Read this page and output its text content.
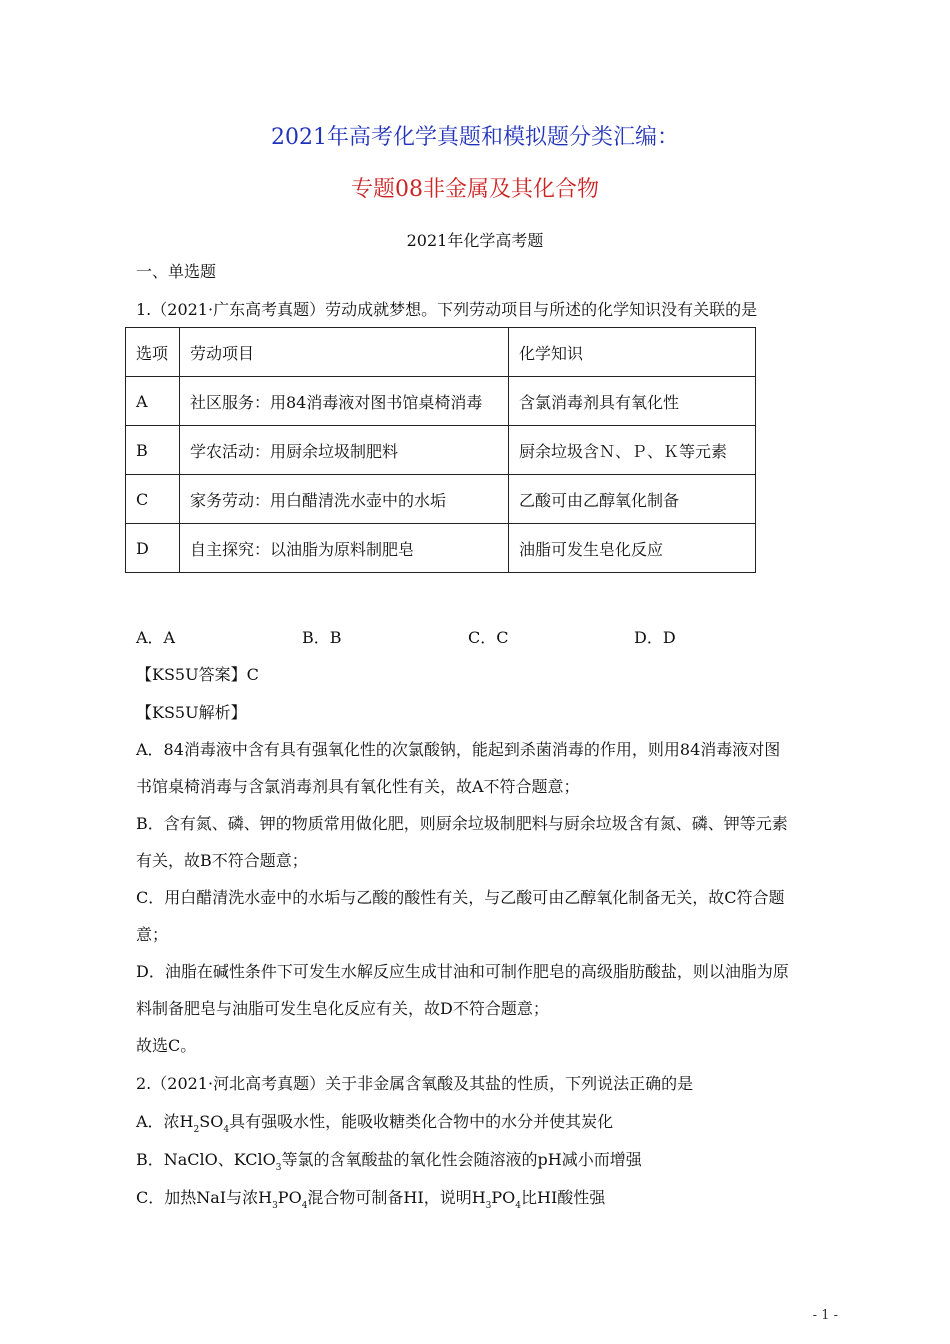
2021年高考化学真题和模拟题分类汇编：
专题08非金属及其化合物
2021年化学高考题
一、单选题
1.（2021·广东高考真题）劳动成就梦想。下列劳动项目与所述的化学知识没有关联的是
选项	劳动项目	化学知识
A	社区服务：用84消毒液对图书馆桌椅消毒	含氯消毒剂具有氧化性
B	学农活动：用厨余垃圾制肥料	厨余垃圾含Ｎ、Ｐ、Ｋ等元素
C	家务劳动：用白醋清洗水壶中的水垢	乙酸可由乙醇氧化制备
D	自主探究：以油脂为原料制肥皂	油脂可发生皂化反应
A．A	B．B	C．C	D．D
【KS5U答案】C
【KS5U解析】
A．84消毒液中含有具有强氧化性的次氯酸钠，能起到杀菌消毒的作用，则用84消毒液对图
书馆桌椅消毒与含氯消毒剂具有氧化性有关，故A不符合题意；
B．含有氮、磷、钾的物质常用做化肥，则厨余垃圾制肥料与厨余垃圾含有氮、磷、钾等元素
有关，故B不符合题意；
C．用白醋清洗水壶中的水垢与乙酸的酸性有关，与乙酸可由乙醇氧化制备无关，故C符合题
意；
D．油脂在碱性条件下可发生水解反应生成甘油和可制作肥皂的高级脂肪酸盐，则以油脂为原
料制备肥皂与油脂可发生皂化反应有关，故D不符合题意；
故选C。
2.（2021·河北高考真题）关于非金属含氧酸及其盐的性质，下列说法正确的是
A．浓$H_2SO_4$具有强吸水性，能吸收糖类化合物中的水分并使其炭化
B．NaClO、KClO$_3$等氯的含氧酸盐的氧化性会随溶液的pH减小而增强
C．加热NaI与浓$H_3PO_4$混合物可制备HI，说明$H_3PO_4$比HI酸性强
- 1 -
